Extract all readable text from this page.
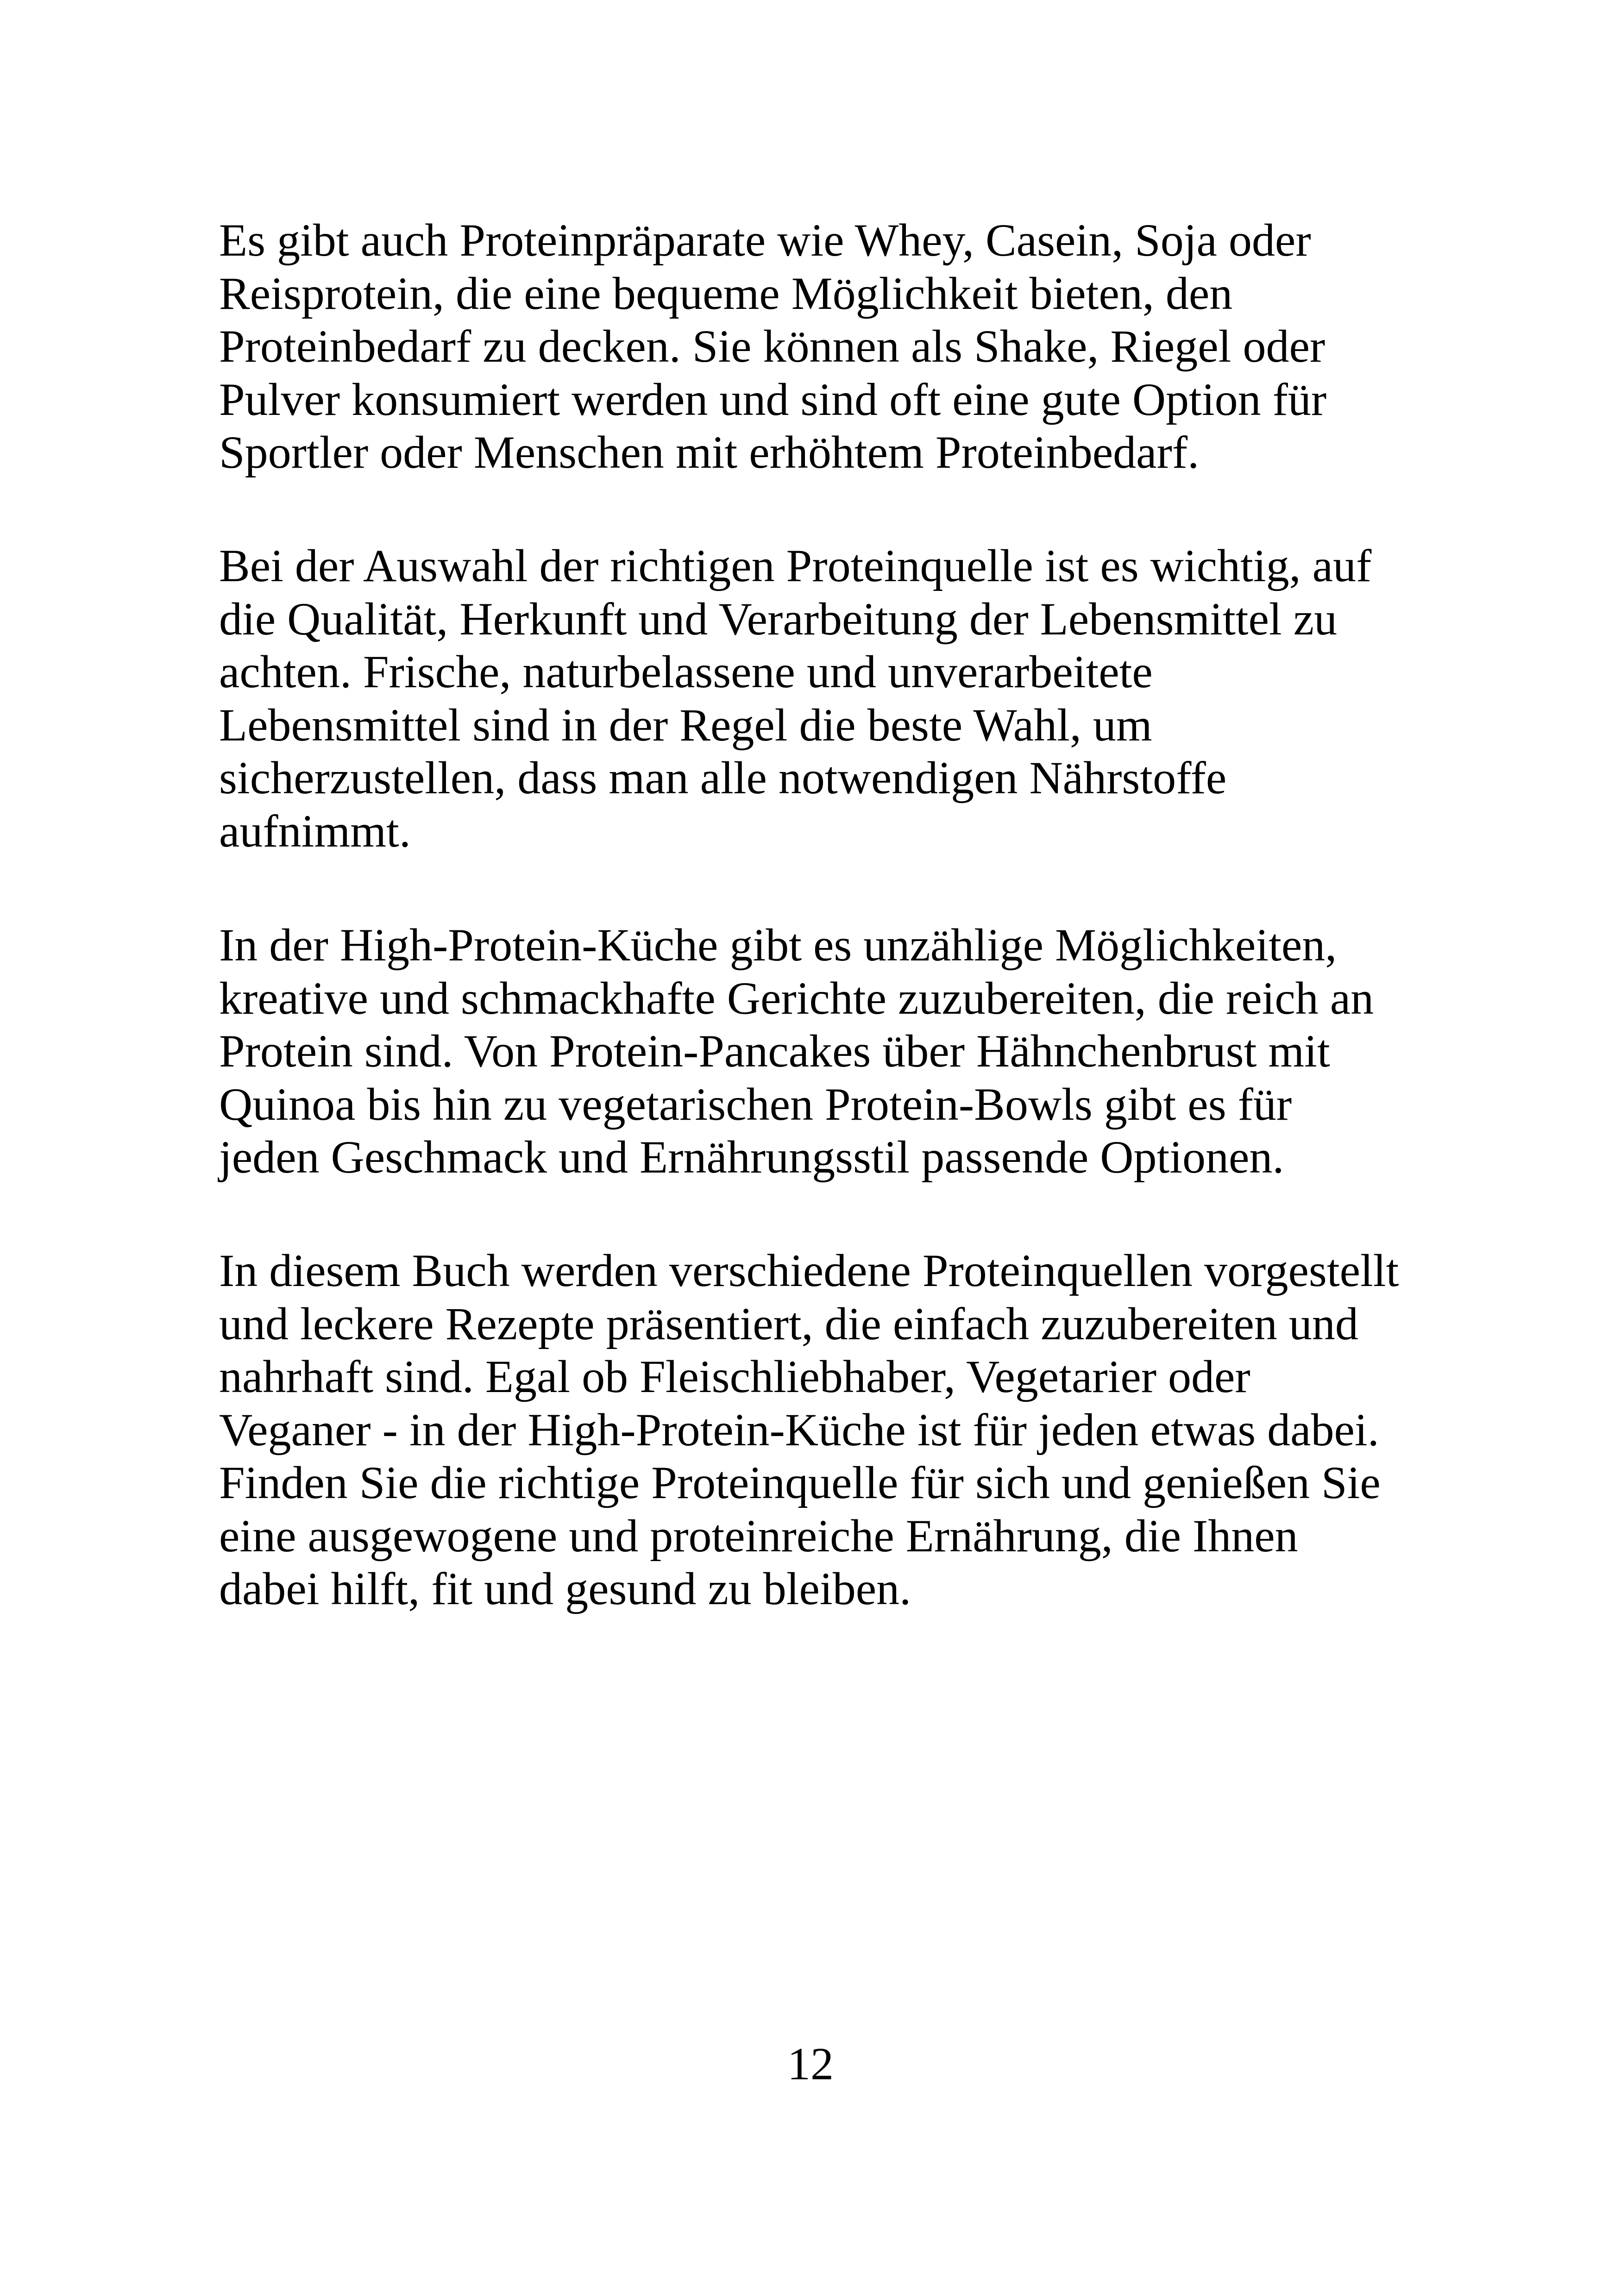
Es gibt auch Proteinpräparate wie Whey, Casein, Soja oder
Reisprotein, die eine bequeme Möglichkeit bieten, den
Proteinbedarf zu decken. Sie können als Shake, Riegel oder
Pulver konsumiert werden und sind oft eine gute Option für
Sportler oder Menschen mit erhöhtem Proteinbedarf.

Bei der Auswahl der richtigen Proteinquelle ist es wichtig, auf
die Qualität, Herkunft und Verarbeitung der Lebensmittel zu
achten. Frische, naturbelassene und unverarbeitete
Lebensmittel sind in der Regel die beste Wahl, um
sicherzustellen, dass man alle notwendigen Nährstoffe
aufnimmt.

In der High-Protein-Küche gibt es unzählige Möglichkeiten,
kreative und schmackhafte Gerichte zuzubereiten, die reich an
Protein sind. Von Protein-Pancakes über Hähnchenbrust mit
Quinoa bis hin zu vegetarischen Protein-Bowls gibt es für
jeden Geschmack und Ernährungsstil passende Optionen.

In diesem Buch werden verschiedene Proteinquellen vorgestellt
und leckere Rezepte präsentiert, die einfach zuzubereiten und
nahrhaft sind. Egal ob Fleischliebhaber, Vegetarier oder
Veganer - in der High-Protein-Küche ist für jeden etwas dabei.
Finden Sie die richtige Proteinquelle für sich und genießen Sie
eine ausgewogene und proteinreiche Ernährung, die Ihnen
dabei hilft, fit und gesund zu bleiben.

12
